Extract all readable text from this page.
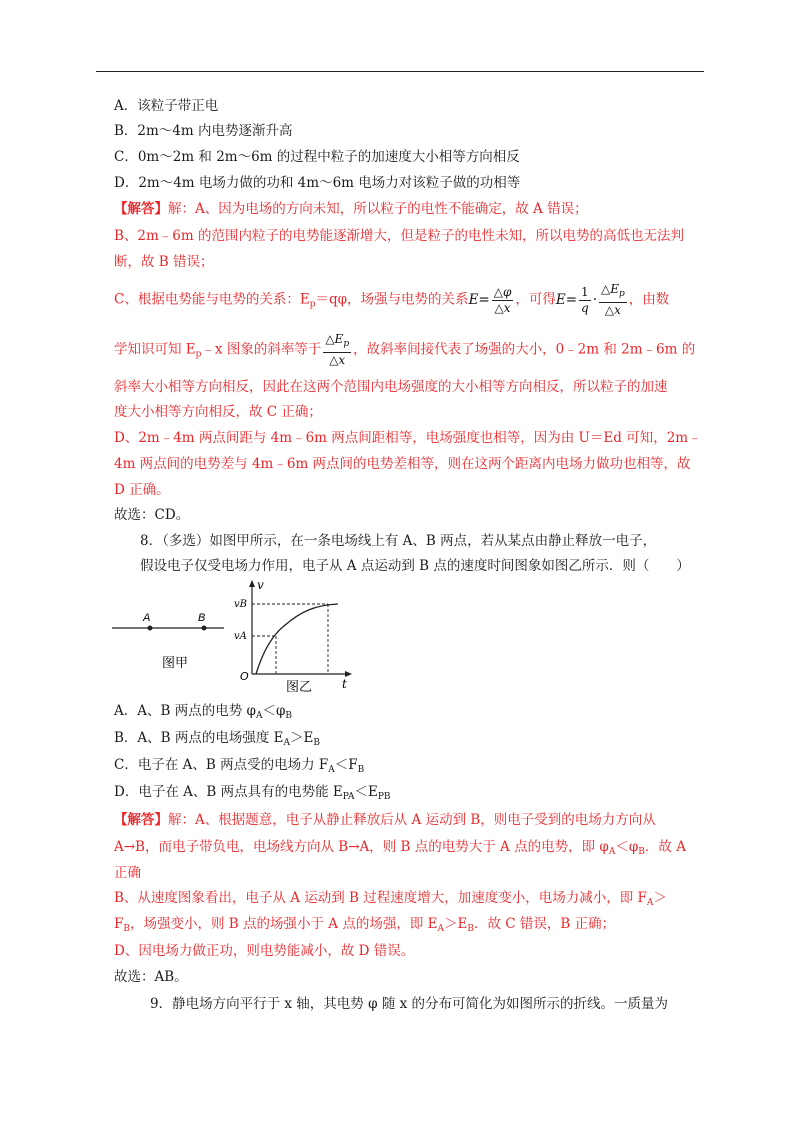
A．该粒子带正电
B．2m～4m 内电势逐渐升高
C．0m～2m 和 2m～6m 的过程中粒子的加速度大小相等方向相反
D．2m～4m 电场力做的功和 4m～6m 电场力对该粒子做的功相等
【解答】解：A、因为电场的方向未知，所以粒子的电性不能确定，故 A 错误；
B、2m﹣6m 的范围内粒子的电势能逐渐增大，但是粒子的电性未知，所以电势的高低也无法判
断，故 B 错误；
C、根据电势能与电势的关系：$E_p=q\varphi$，场强与电势的关系$E= \frac{\triangle\varphi}{\triangle x}$ ，可得$E= \frac{1}{q} \cdot \frac{\triangle E_p}{\triangle x}$ ，由数
学知识可知 $E_p﹣x$ 图象的斜率等于 $\frac{\triangle E_p}{\triangle x}$ ，故斜率间接代表了场强的大小，0﹣2m 和 2m﹣6m 的
斜率大小相等方向相反，因此在这两个范围内电场强度的大小相等方向相反，所以粒子的加速
度大小相等方向相反，故 C 正确；
D、2m﹣4m 两点间距与 4m﹣6m 两点间距相等，电场强度也相等，因为由 U＝Ed 可知，2m﹣
4m 两点间的电势差与 4m﹣6m 两点间的电势差相等，则在这两个距离内电场力做功也相等，故
D 正确。
故选：CD。
8．（多选）如图甲所示，在一条电场线上有 A、B 两点，若从某点由静止释放一电子，
假设电子仅受电场力作用，电子从 A 点运动到 B 点的速度时间图象如图乙所示．则（　　）
A	B
图甲
v
t
O
vB
vA
图乙
A．A、B 两点的电势 $\varphi_A<\varphi_B$
B．A、B 两点的电场强度 $E_A>E_B$
C．电子在 A、B 两点受的电场力 $F_A<F_B$
D．电子在 A、B 两点具有的电势能 $E_{PA}<E_{PB}$
【解答】解：A、根据题意，电子从静止释放后从 A 运动到 B，则电子受到的电场力方向从
A→B，而电子带负电，电场线方向从 B→A，则 B 点的电势大于 A 点的电势，即 $\varphi_A<\varphi_B$．故 A
正确
B、从速度图象看出，电子从 A 运动到 B 过程速度增大，加速度变小，电场力减小，即 $F_A>$
$F_B$，场强变小，则 B 点的场强小于 A 点的场强，即 $E_A>E_B$．故 C 错误，B 正确；
D、因电场力做正功，则电势能减小，故 D 错误。
故选：AB。
9．静电场方向平行于 x 轴，其电势 φ 随 x 的分布可简化为如图所示的折线。一质量为
